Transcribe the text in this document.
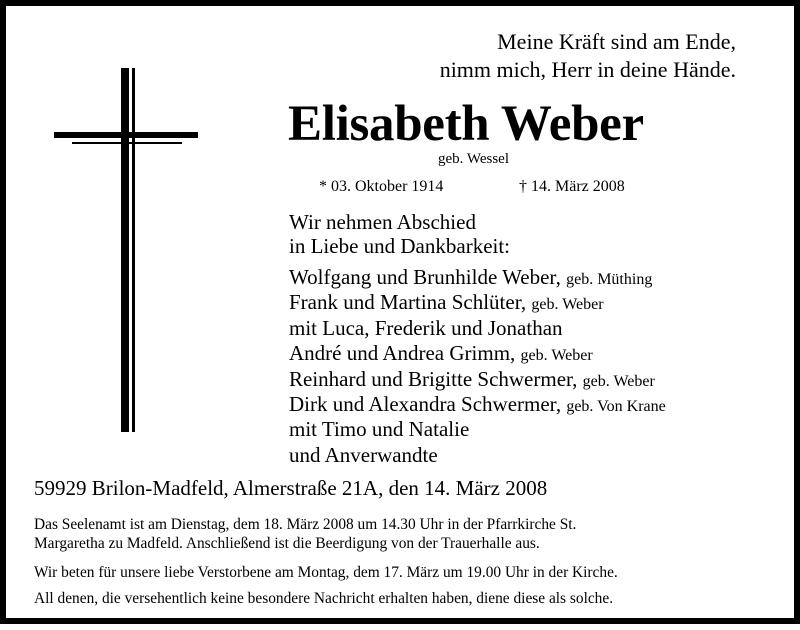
Meine Kräft sind am Ende,
nimm mich, Herr in deine Hände.
Elisabeth Weber
geb. Wessel
* 03. Oktober 1914	† 14. März 2008
Wir nehmen Abschied
in Liebe und Dankbarkeit:
Wolfgang und Brunhilde Weber, geb. Müthing
Frank und Martina Schlüter, geb. Weber
mit Luca, Frederik und Jonathan
André und Andrea Grimm, geb. Weber
Reinhard und Brigitte Schwermer, geb. Weber
Dirk und Alexandra Schwermer, geb. Von Krane
mit Timo und Natalie
und Anverwandte
59929 Brilon-Madfeld, Almerstraße 21A, den 14. März 2008
Das Seelenamt ist am Dienstag, dem 18. März 2008 um 14.30 Uhr in der Pfarrkirche St.
Margaretha zu Madfeld. Anschließend ist die Beerdigung von der Trauerhalle aus.
Wir beten für unsere liebe Verstorbene am Montag, dem 17. März um 19.00 Uhr in der Kirche.
All denen, die versehentlich keine besondere Nachricht erhalten haben, diene diese als solche.
